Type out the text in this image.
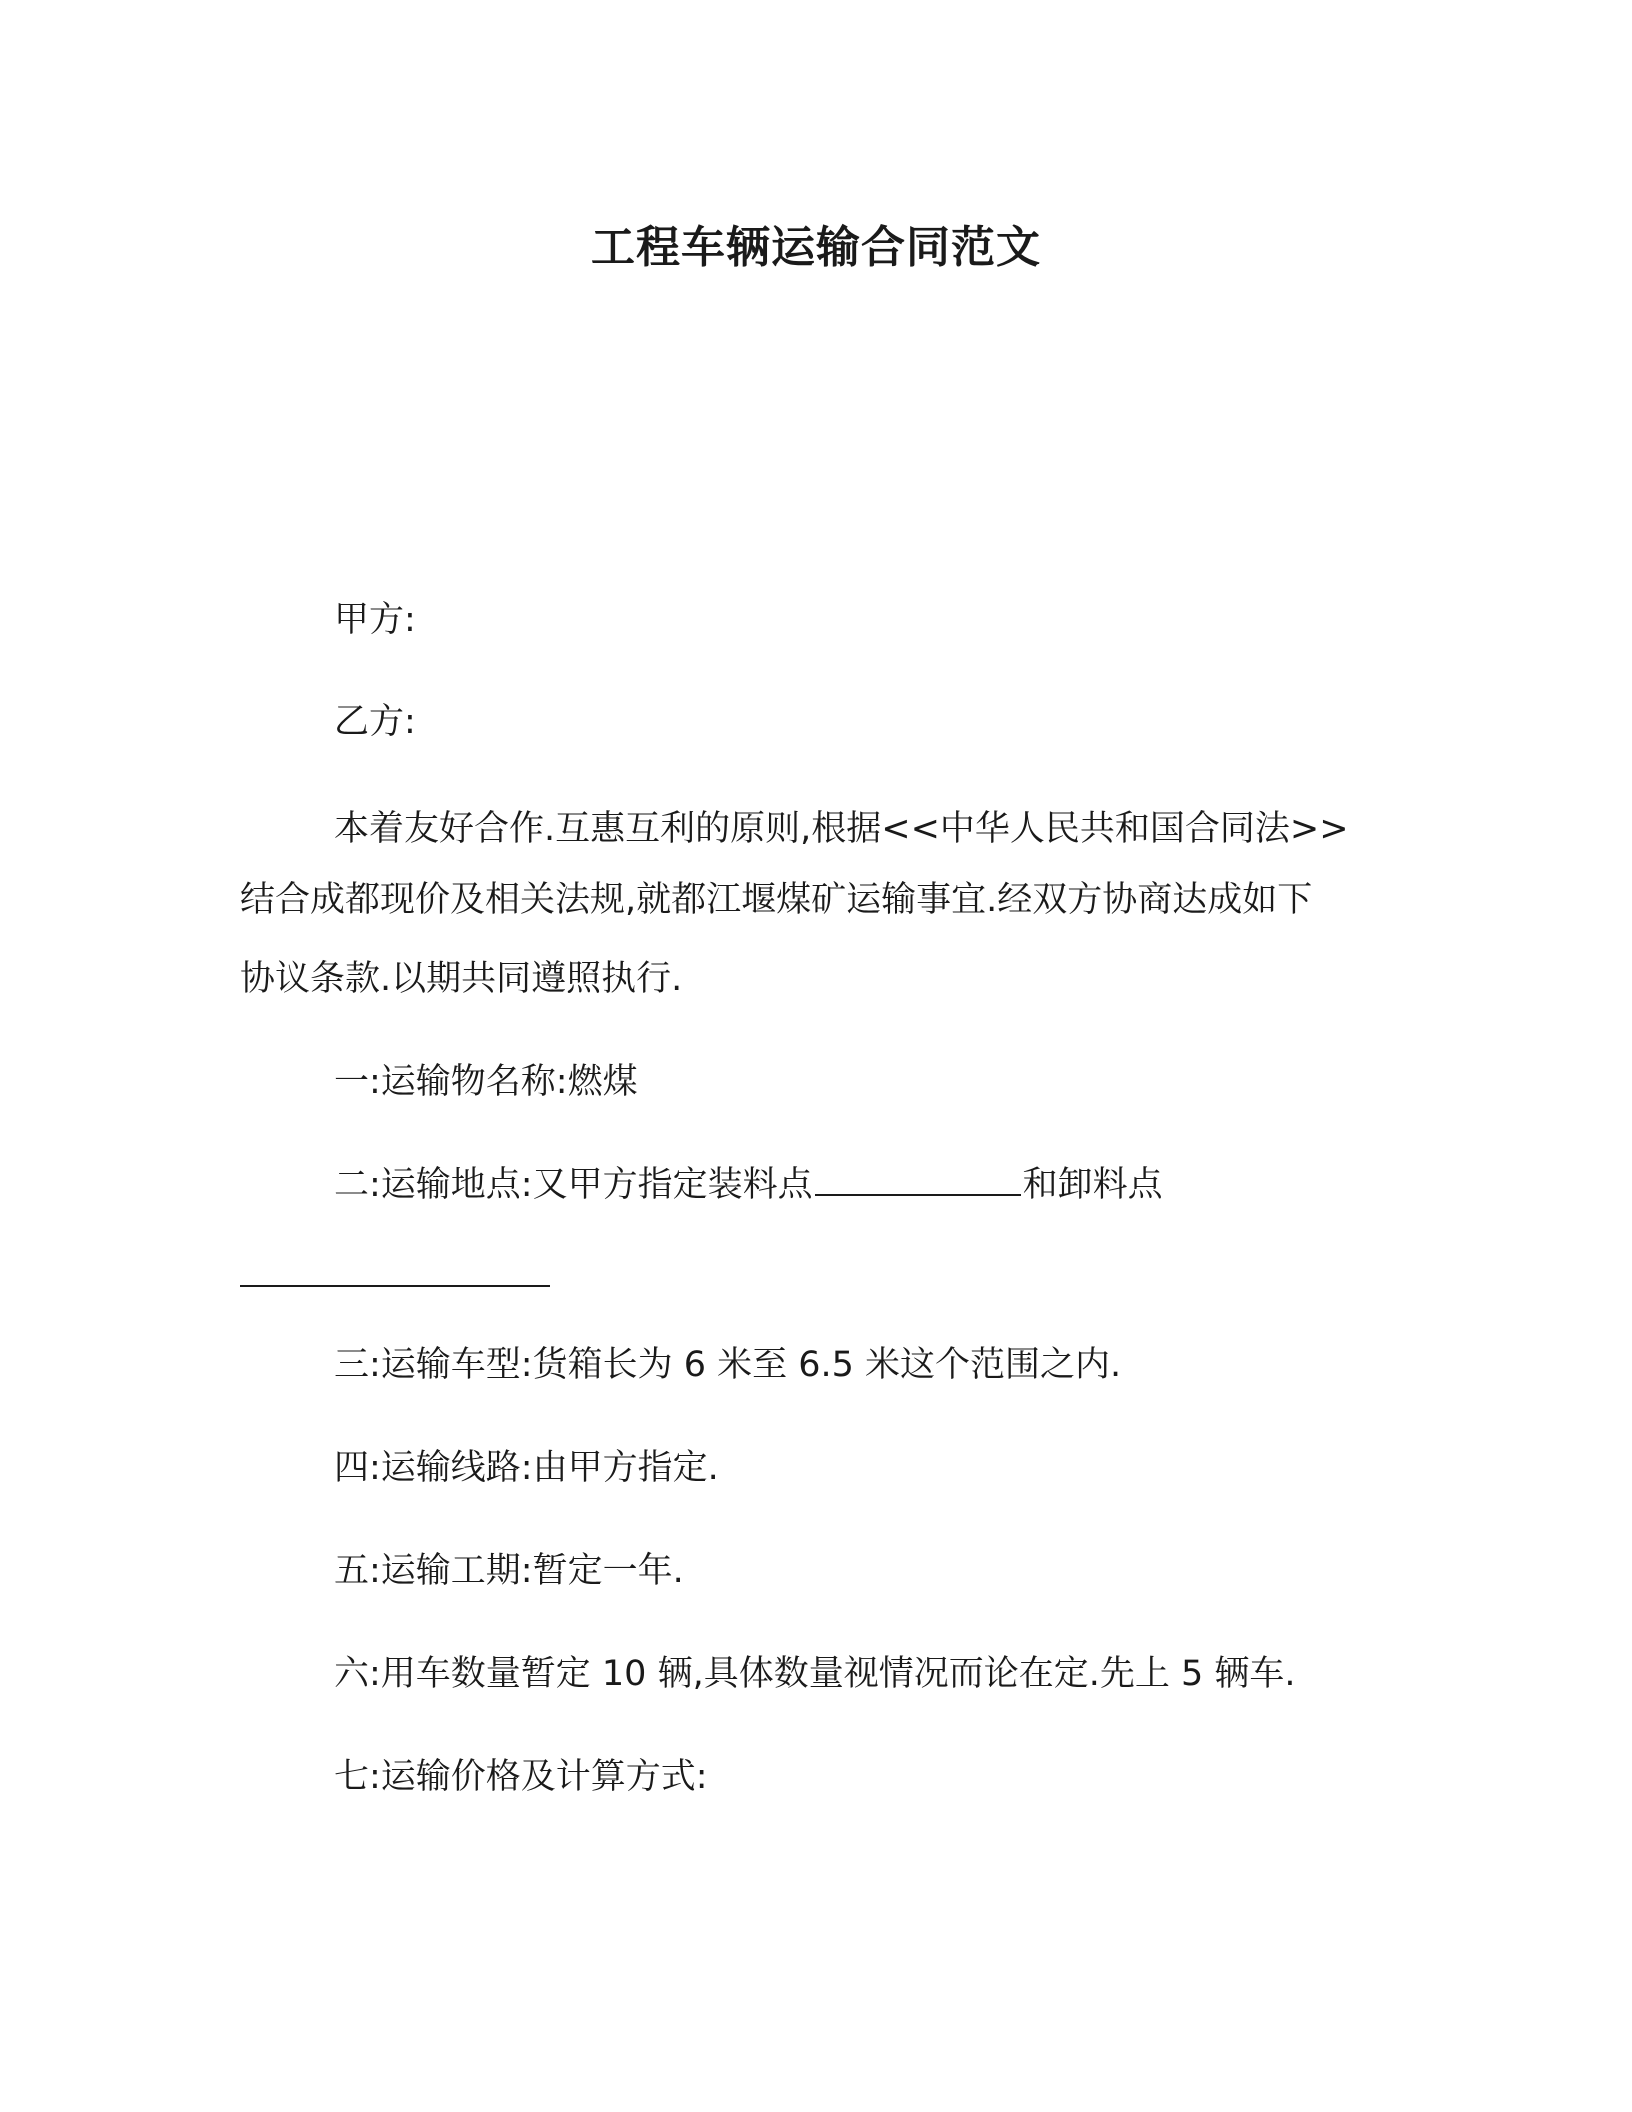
工程车辆运输合同范文
甲方:
乙方:
本着友好合作.互惠互利的原则,根据<<中华人民共和国合同法>>
结合成都现价及相关法规,就都江堰煤矿运输事宜.经双方协商达成如下
协议条款.以期共同遵照执行.
一:运输物名称:燃煤
二:运输地点:又甲方指定装料点	和卸料点
三:运输车型:货箱长为 6 米至 6.5 米这个范围之内.
四:运输线路:由甲方指定.
五:运输工期:暂定一年.
六:用车数量暂定 10 辆,具体数量视情况而论在定.先上 5 辆车.
七:运输价格及计算方式:
